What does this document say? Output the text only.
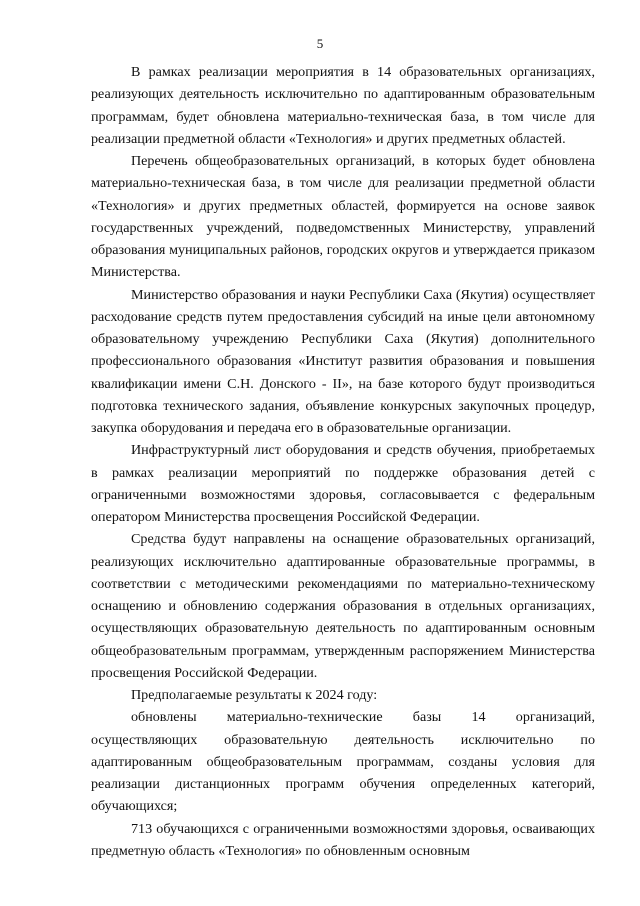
5

В рамках реализации мероприятия в 14 образовательных организациях, реализующих деятельность исключительно по адаптированным образовательным программам, будет обновлена материально-техническая база, в том числе для реализации предметной области «Технология» и других предметных областей.

Перечень общеобразовательных организаций, в которых будет обновлена материально-техническая база, в том числе для реализации предметной области «Технология» и других предметных областей, формируется на основе заявок государственных учреждений, подведомственных Министерству, управлений образования муниципальных районов, городских округов и утверждается приказом Министерства.

Министерство образования и науки Республики Саха (Якутия) осуществляет расходование средств путем предоставления субсидий на иные цели автономному образовательному учреждению Республики Саха (Якутия) дополнительного профессионального образования «Институт развития образования и повышения квалификации имени С.Н. Донского - II», на базе которого будут производиться подготовка технического задания, объявление конкурсных закупочных процедур, закупка оборудования и передача его в образовательные организации.

Инфраструктурный лист оборудования и средств обучения, приобретаемых в рамках реализации мероприятий по поддержке образования детей с ограниченными возможностями здоровья, согласовывается с федеральным оператором Министерства просвещения Российской Федерации.

Средства будут направлены на оснащение образовательных организаций, реализующих исключительно адаптированные образовательные программы, в соответствии с методическими рекомендациями по материально-техническому оснащению и обновлению содержания образования в отдельных организациях, осуществляющих образовательную деятельность по адаптированным основным общеобразовательным программам, утвержденным распоряжением Министерства просвещения Российской Федерации.

Предполагаемые результаты к 2024 году:

обновлены материально-технические базы 14 организаций, осуществляющих образовательную деятельность исключительно по адаптированным общеобразовательным программам, созданы условия для реализации дистанционных программ обучения определенных категорий, обучающихся;

713 обучающихся с ограниченными возможностями здоровья, осваивающих предметную область «Технология» по обновленным основным
